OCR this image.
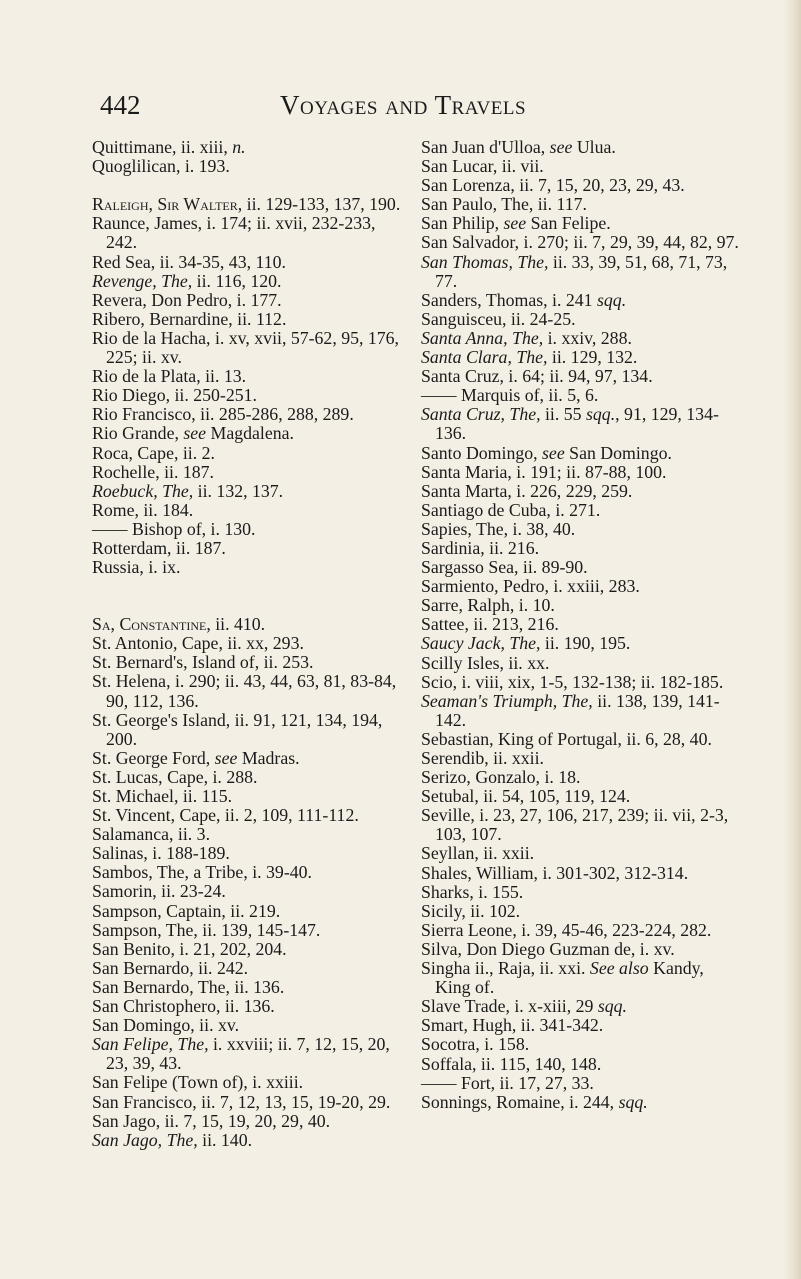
442	Voyages and Travels

Quittimane, ii. xiii, n.

Quoglilican, i. 193.

Raleigh, Sir Walter, ii. 129-133, 137, 190.

Raunce, James, i. 174; ii. xvii, 232-233, 242.

Red Sea, ii. 34-35, 43, 110.

Revenge, The, ii. 116, 120.

Revera, Don Pedro, i. 177.

Ribero, Bernardine, ii. 112.

Rio de la Hacha, i. xv, xvii, 57-62, 95, 176, 225; ii. xv.

Rio de la Plata, ii. 13.

Rio Diego, ii. 250-251.

Rio Francisco, ii. 285-286, 288, 289.

Rio Grande, see Magdalena.

Roca, Cape, ii. 2.

Rochelle, ii. 187.

Roebuck, The, ii. 132, 137.

Rome, ii. 184.

—— Bishop of, i. 130.

Rotterdam, ii. 187.

Russia, i. ix.

Sa, Constantine, ii. 410.

St. Antonio, Cape, ii. xx, 293.

St. Bernard's, Island of, ii. 253.

St. Helena, i. 290; ii. 43, 44, 63, 81, 83-84, 90, 112, 136.

St. George's Island, ii. 91, 121, 134, 194, 200.

St. George Ford, see Madras.

St. Lucas, Cape, i. 288.

St. Michael, ii. 115.

St. Vincent, Cape, ii. 2, 109, 111-112.

Salamanca, ii. 3.

Salinas, i. 188-189.

Sambos, The, a Tribe, i. 39-40.

Samorin, ii. 23-24.

Sampson, Captain, ii. 219.

Sampson, The, ii. 139, 145-147.

San Benito, i. 21, 202, 204.

San Bernardo, ii. 242.

San Bernardo, The, ii. 136.

San Christophero, ii. 136.

San Domingo, ii. xv.

San Felipe, The, i. xxviii; ii. 7, 12, 15, 20, 23, 39, 43.

San Felipe (Town of), i. xxiii.

San Francisco, ii. 7, 12, 13, 15, 19-20, 29.

San Jago, ii. 7, 15, 19, 20, 29, 40.

San Jago, The, ii. 140.

San Juan d'Ulloa, see Ulua.

San Lucar, ii. vii.

San Lorenza, ii. 7, 15, 20, 23, 29, 43.

San Paulo, The, ii. 117.

San Philip, see San Felipe.

San Salvador, i. 270; ii. 7, 29, 39, 44, 82, 97.

San Thomas, The, ii. 33, 39, 51, 68, 71, 73, 77.

Sanders, Thomas, i. 241 sqq.

Sanguisceu, ii. 24-25.

Santa Anna, The, i. xxiv, 288.

Santa Clara, The, ii. 129, 132.

Santa Cruz, i. 64; ii. 94, 97, 134.

—— Marquis of, ii. 5, 6.

Santa Cruz, The, ii. 55 sqq., 91, 129, 134-136.

Santo Domingo, see San Domingo.

Santa Maria, i. 191; ii. 87-88, 100.

Santa Marta, i. 226, 229, 259.

Santiago de Cuba, i. 271.

Sapies, The, i. 38, 40.

Sardinia, ii. 216.

Sargasso Sea, ii. 89-90.

Sarmiento, Pedro, i. xxiii, 283.

Sarre, Ralph, i. 10.

Sattee, ii. 213, 216.

Saucy Jack, The, ii. 190, 195.

Scilly Isles, ii. xx.

Scio, i. viii, xix, 1-5, 132-138; ii. 182-185.

Seaman's Triumph, The, ii. 138, 139, 141-142.

Sebastian, King of Portugal, ii. 6, 28, 40.

Serendib, ii. xxii.

Serizo, Gonzalo, i. 18.

Setubal, ii. 54, 105, 119, 124.

Seville, i. 23, 27, 106, 217, 239; ii. vii, 2-3, 103, 107.

Seyllan, ii. xxii.

Shales, William, i. 301-302, 312-314.

Sharks, i. 155.

Sicily, ii. 102.

Sierra Leone, i. 39, 45-46, 223-224, 282.

Silva, Don Diego Guzman de, i. xv.

Singha ii., Raja, ii. xxi. See also Kandy, King of.

Slave Trade, i. x-xiii, 29 sqq.

Smart, Hugh, ii. 341-342.

Socotra, i. 158.

Soffala, ii. 115, 140, 148.

—— Fort, ii. 17, 27, 33.

Sonnings, Romaine, i. 244, sqq.
